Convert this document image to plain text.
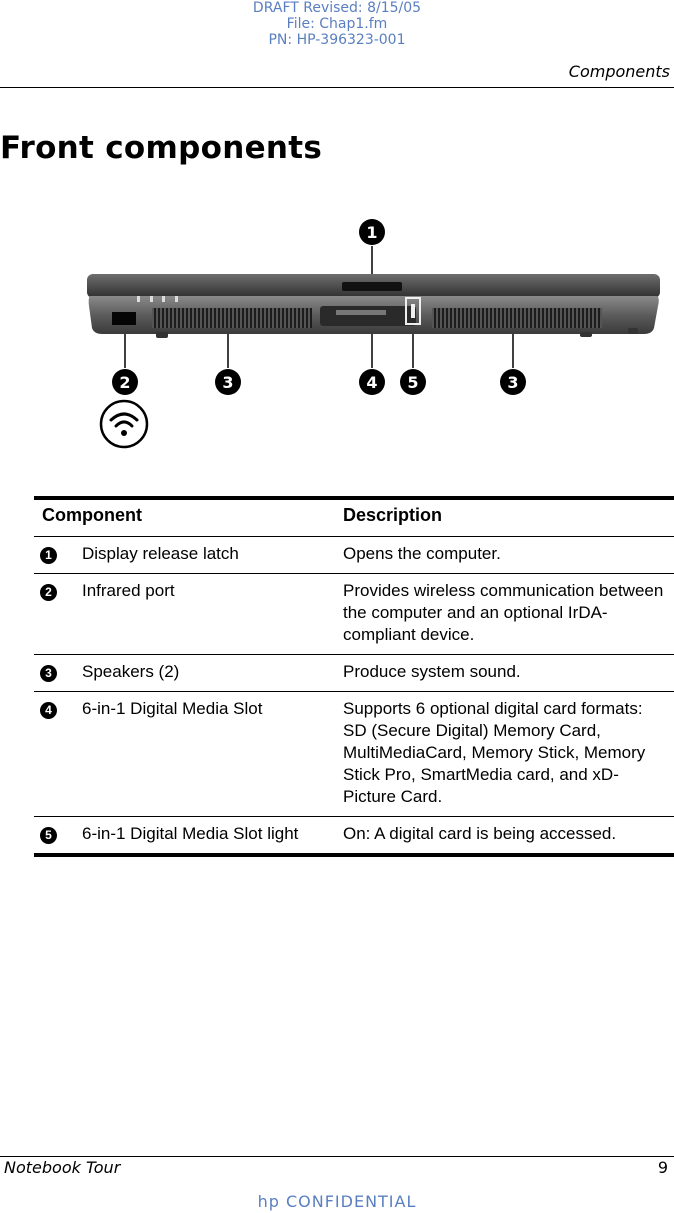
DRAFT Revised: 8/15/05
File: Chap1.fm
PN: HP-396323-001
Components
Front components
1
2	3	4 5	3
Component		Description
1	Display release latch	Opens the computer.
2	Infrared port	Provides wireless communication between the computer and an optional IrDA-compliant device.
3	Speakers (2)	Produce system sound.
4	6-in-1 Digital Media Slot	Supports 6 optional digital card formats: SD (Secure Digital) Memory Card, MultiMediaCard, Memory Stick, Memory Stick Pro, SmartMedia card, and xD-Picture Card.
5	6-in-1 Digital Media Slot light	On: A digital card is being accessed.
Notebook Tour	9
hp CONFIDENTIAL
